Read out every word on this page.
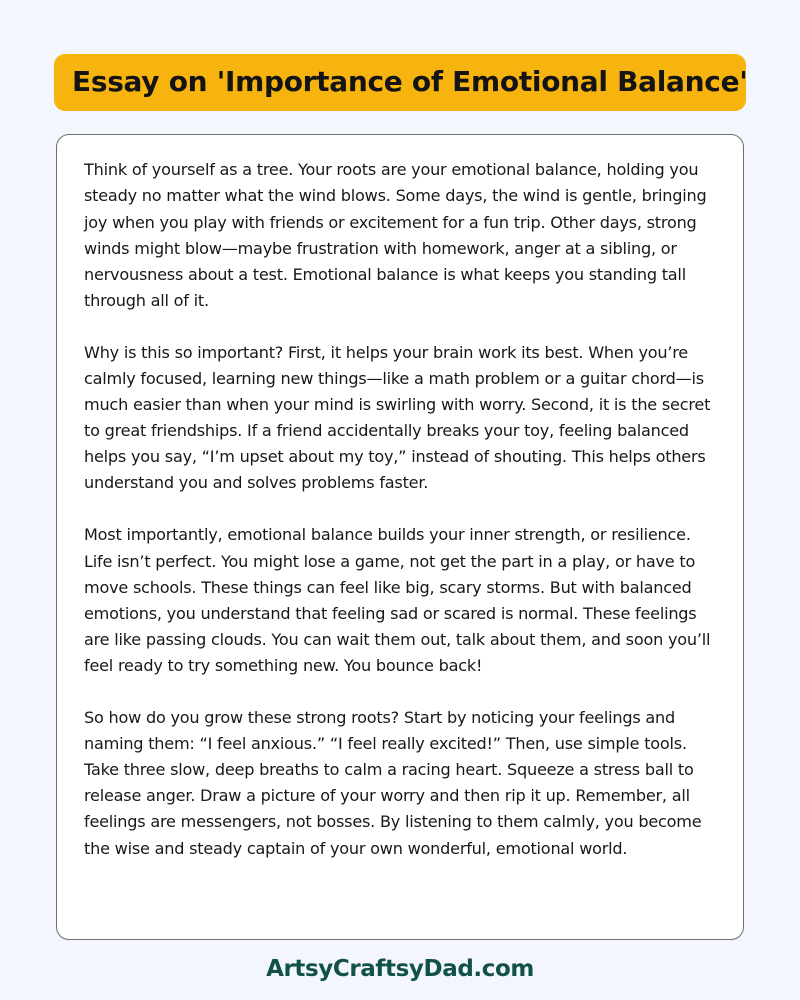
Essay on 'Importance of Emotional Balance'

Think of yourself as a tree. Your roots are your emotional balance, holding you steady no matter what the wind blows. Some days, the wind is gentle, bringing joy when you play with friends or excitement for a fun trip. Other days, strong winds might blow—maybe frustration with homework, anger at a sibling, or nervousness about a test. Emotional balance is what keeps you standing tall through all of it.

Why is this so important? First, it helps your brain work its best. When you’re calmly focused, learning new things—like a math problem or a guitar chord—is much easier than when your mind is swirling with worry. Second, it is the secret to great friendships. If a friend accidentally breaks your toy, feeling balanced helps you say, “I’m upset about my toy,” instead of shouting. This helps others understand you and solves problems faster.

Most importantly, emotional balance builds your inner strength, or resilience. Life isn’t perfect. You might lose a game, not get the part in a play, or have to move schools. These things can feel like big, scary storms. But with balanced emotions, you understand that feeling sad or scared is normal. These feelings are like passing clouds. You can wait them out, talk about them, and soon you’ll feel ready to try something new. You bounce back!

So how do you grow these strong roots? Start by noticing your feelings and naming them: “I feel anxious.” “I feel really excited!” Then, use simple tools. Take three slow, deep breaths to calm a racing heart. Squeeze a stress ball to release anger. Draw a picture of your worry and then rip it up. Remember, all feelings are messengers, not bosses. By listening to them calmly, you become the wise and steady captain of your own wonderful, emotional world.

ArtsyCraftsyDad.com
